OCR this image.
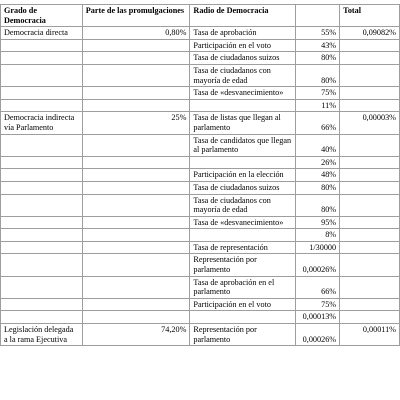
Grado de Democracia	Parte de las promulgaciones	Radio de Democracia		Total
Democracia directa	0,80%	Tasa de aprobación	55%	0,09082%
		Participación en el voto	43%	
		Tasa de ciudadanos suizos	80%	
		Tasa de ciudadanos con mayoría de edad	80%	
		Tasa de «desvanecimiento»	75%	
			11%	
Democracia indirecta vía Parlamento	25%	Tasa de listas que llegan al parlamento	66%	0,00003%
		Tasa de candidatos que llegan al parlamento	40%	
			26%	
		Participación en la elección	48%	
		Tasa de ciudadanos suizos	80%	
		Tasa de ciudadanos con mayoría de edad	80%	
		Tasa de «desvanecimiento»	95%	
			8%	
		Tasa de representación	1/30000	
		Representación por parlamento	0,00026%	
		Tasa de aprobación en el parlamento	66%	
		Participación en el voto	75%	
			0,00013%	
Legislación delegada a la rama Ejecutiva	74,20%	Representación por parlamento	0,00026%	0,00011%
